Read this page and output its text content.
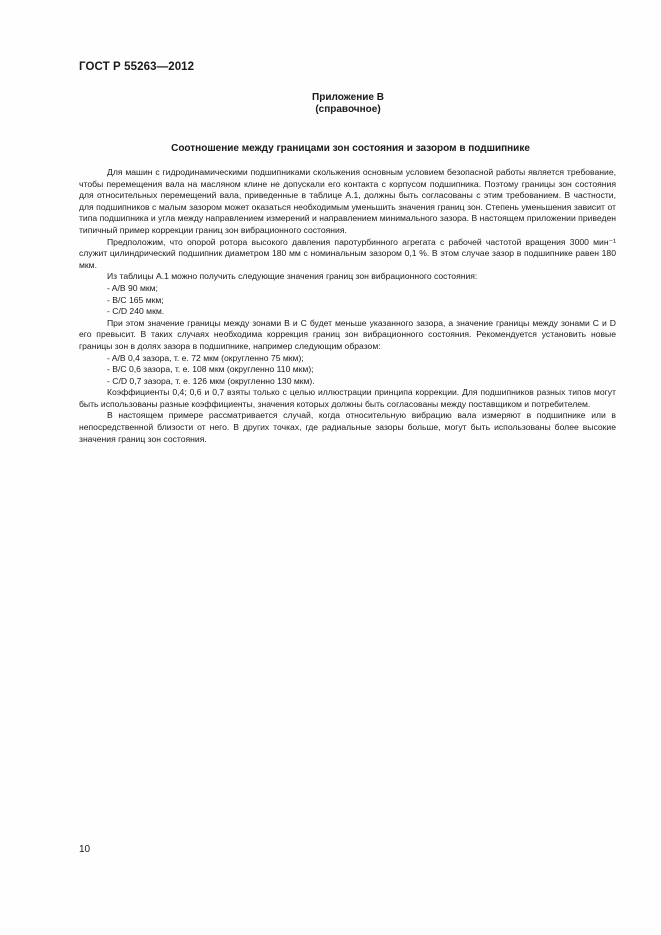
ГОСТ Р 55263—2012
Приложение В
(справочное)
Соотношение между границами зон состояния и зазором в подшипнике

Для машин с гидродинамическими подшипниками скольжения основным условием безопасной работы является требование, чтобы перемещения вала на масляном клине не допускали его контакта с корпусом подшипника. Поэтому границы зон состояния для относительных перемещений вала, приведенные в таблице А.1, должны быть согласованы с этим требованием. В частности, для подшипников с малым зазором может оказаться необходимым уменьшить значения границ зон. Степень уменьшения зависит от типа подшипника и угла между направлением измерений и направлением минимального зазора. В настоящем приложении приведен типичный пример коррекции границ зон вибрационного состояния.

Предположим, что опорой ротора высокого давления паротурбинного агрегата с рабочей частотой вращения 3000 мин⁻¹ служит цилиндрический подшипник диаметром 180 мм с номинальным зазором 0,1 %. В этом случае зазор в подшипнике равен 180 мкм.

Из таблицы А.1 можно получить следующие значения границ зон вибрационного состояния:

- A/B 90 мкм;

- B/C 165 мкм;

- C/D 240 мкм.

При этом значение границы между зонами В и С будет меньше указанного зазора, а значение границы между зонами С и D его превысит. В таких случаях необходима коррекция границ зон вибрационного состояния. Рекомендуется установить новые границы зон в долях зазора в подшипнике, например следующим образом:

- A/B 0,4 зазора, т. е. 72 мкм (округленно 75 мкм);

- B/C 0,6 зазора, т. е. 108 мкм (округленно 110 мкм);

- C/D 0,7 зазора, т. е. 126 мкм (округленно 130 мкм).

Коэффициенты 0,4; 0,6 и 0,7 взяты только с целью иллюстрации принципа коррекции. Для подшипников разных типов могут быть использованы разные коэффициенты, значения которых должны быть согласованы между поставщиком и потребителем.

В настоящем примере рассматривается случай, когда относительную вибрацию вала измеряют в подшипнике или в непосредственной близости от него. В других точках, где радиальные зазоры больше, могут быть использованы более высокие значения границ зон состояния.

10
